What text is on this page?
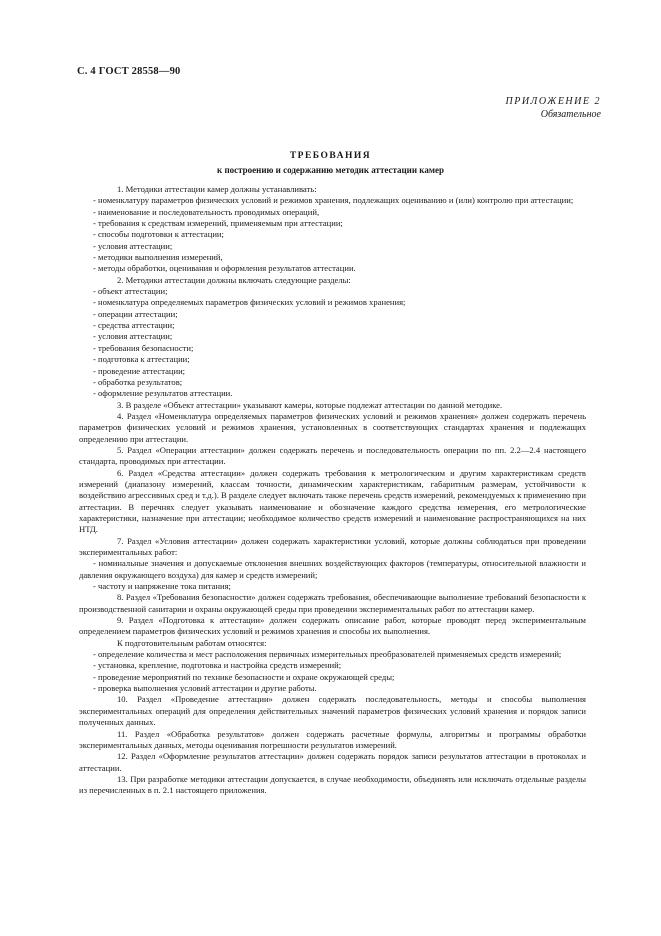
С. 4 ГОСТ 28558—90
ПРИЛОЖЕНИЕ 2
Обязательное
ТРЕБОВАНИЯ
к построению и содержанию методик аттестации камер

1. Методики аттестации камер должны устанавливать:

- номенклатуру параметров физических условий и режимов хранения, подлежащих оцениванию и (или) контролю при аттестации;

- наименование и последовательность проводимых операций,

- требования к средствам измерений, применяемым при аттестации;

- способы подготовки к аттестации;

- условия аттестации;

- методики выполнения измерений,

- методы обработки, оценивания и оформления результатов аттестации.

2. Методики аттестации должны включать следующие разделы:

- объект аттестации;

- номенклатура определяемых параметров физических условий и режимов хранения;

- операции аттестации;

- средства аттестации;

- условия аттестации;

- требования безопасности;

- подготовка к аттестации;

- проведение аттестации;

- обработка результатов;

- оформление результатов аттестации.

3. В разделе «Объект аттестации» указывают камеры, которые подлежат аттестации по данной методике.

4. Раздел «Номенклатура определяемых параметров физических условий и режимов хранения» должен содержать перечень параметров физических условий и режимов хранения, установленных в соответствующих стандартах хранения и подлежащих определению при аттестации.

5. Раздел «Операции аттестации» должен содержать перечень и последовательность операции по пп. 2.2—2.4 настоящего стандарта, проводимых при аттестации.

6. Раздел «Средства аттестации» должен содержать требования к метрологическим и другим характеристикам средств измерений (диапазону измерений, классам точности, динамическим характеристикам, габаритным размерам, устойчивости к воздействию агрессивных сред и т.д.). В разделе следует включать также перечень средств измерений, рекомендуемых к применению при аттестации. В перечнях следует указывать наименование и обозначение каждого средства измерения, его метрологические характеристики, назначение при аттестации; необходимое количество средств измерений и наименование распространяющихся на них НТД.

7. Раздел «Условия аттестации» должен содержать характеристики условий, которые должны соблюдаться при проведении экспериментальных работ:

- номинальные значения и допускаемые отклонения внешних воздействующих факторов (температуры, относительной влажности и давления окружающего воздуха) для камер и средств измерений;

- частоту и напряжение тока питания;

8. Раздел «Требования безопасности» должен содержать требования, обеспечивающие выполнение требований безопасности к производственной санитарии и охраны окружающей среды при проведении экспериментальных работ по аттестации камер.

9. Раздел «Подготовка к аттестации» должен содержать описание работ, которые проводят перед экспериментальным определением параметров физических условий и режимов хранения и способы их выполнения.

К подготовительным работам относятся:

- определение количества и мест расположения первичных измерительных преобразователей применяемых средств измерений;

- установка, крепление, подготовка и настройка средств измерений;

- проведение мероприятий по технике безопасности и охране окружающей среды;

- проверка выполнения условий аттестации и другие работы.

10. Раздел «Проведение аттестации» должен содержать последовательность, методы и способы выполнения экспериментальных операций для определения действительных значений параметров физических условий хранения и порядок записи полученных данных.

11. Раздел «Обработка результатов» должен содержать расчетные формулы, алгоритмы и программы обработки экспериментальных данных, методы оценивания погрешности результатов измерений.

12. Раздел «Оформление результатов аттестации» должен содержать порядок записи результатов аттестации в протоколах и аттестации.

13. При разработке методики аттестации допускается, в случае необходимости, объединять или исключать отдельные разделы из перечисленных в п. 2.1 настоящего приложения.
